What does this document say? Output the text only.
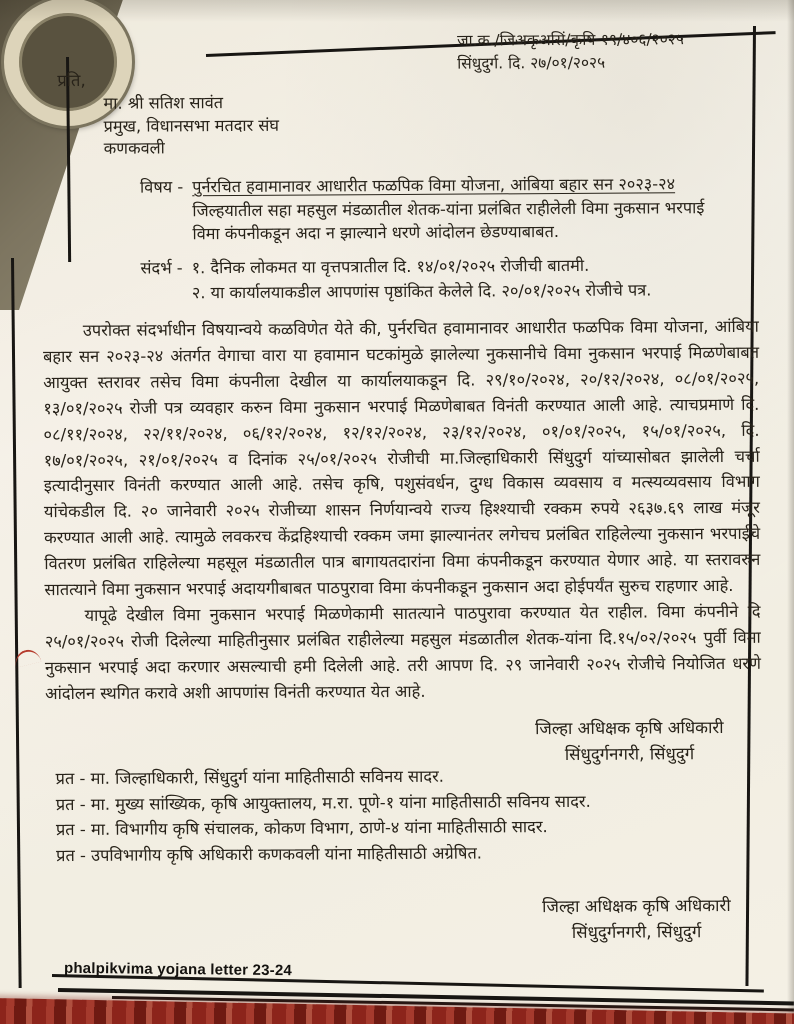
जा.क्र./जिअकृअसिं/कृषि-१९/४०६/२०२५
सिंधुदुर्ग. दि. २७/०१/२०२५
प्रति,
मा. श्री सतिश सावंत
प्रमुख, विधानसभा मतदार संघ
कणकवली
विषय - पुर्नरचित हवामानावर आधारीत फळपिक विमा योजना, आंबिया बहार सन २०२३-२४
जिल्हयातील सहा महसुल मंडळातील शेतक-यांना प्रलंबित राहीलेली विमा नुकसान भरपाई
विमा कंपनीकडून अदा न झाल्याने धरणे आंदोलन छेडण्याबाबत.
संदर्भ - १. दैनिक लोकमत या वृत्तपत्रातील दि. १४/०१/२०२५ रोजीची बातमी.
२. या कार्यालयाकडील आपणांस पृष्ठांकित केलेले दि. २०/०१/२०२५ रोजीचे पत्र.

उपरोक्त संदर्भाधीन विषयान्वये कळविणेत येते की, पुर्नरचित हवामानावर आधारीत फळपिक विमा योजना, आंबिया बहार सन २०२३-२४ अंतर्गत वेगाचा वारा या हवामान घटकांमुळे झालेल्या नुकसानीचे विमा नुकसान भरपाई मिळणेबाबत आयुक्त स्तरावर तसेच विमा कंपनीला देखील या कार्यालयाकडून दि. २९/१०/२०२४, २०/१२/२०२४, ०८/०१/२०२५, १३/०१/२०२५ रोजी पत्र व्यवहार करुन विमा नुकसान भरपाई मिळणेबाबत विनंती करण्यात आली आहे. त्याचप्रमाणे दि. ०८/११/२०२४, २२/११/२०२४, ०६/१२/२०२४, १२/१२/२०२४, २३/१२/२०२४, ०१/०१/२०२५, १५/०१/२०२५, दि. १७/०१/२०२५, २१/०१/२०२५ व दिनांक २५/०१/२०२५ रोजीची मा.जिल्हाधिकारी सिंधुदुर्ग यांच्यासोबत झालेली चर्चा इत्यादीनुसार विनंती करण्यात आली आहे. तसेच कृषि, पशुसंवर्धन, दुग्ध विकास व्यवसाय व मत्स्यव्यवसाय विभाग यांचेकडील दि. २० जानेवारी २०२५ रोजीच्या शासन निर्णयान्वये राज्य हिश्श्याची रक्कम रुपये २६३७.६९ लाख मंजूर करण्यात आली आहे. त्यामुळे लवकरच केंद्रहिश्याची रक्कम जमा झाल्यानंतर लगेचच प्रलंबित राहिलेल्या नुकसान भरपाईचे वितरण प्रलंबित राहिलेल्या महसूल मंडळातील पात्र बागायतदारांना विमा कंपनीकडून करण्यात येणार आहे. या स्तरावरुन सातत्याने विमा नुकसान भरपाई अदायगीबाबत पाठपुरावा विमा कंपनीकडून नुकसान अदा होईपर्यंत सुरुच राहणार आहे.

यापूढे देखील विमा नुकसान भरपाई मिळणेकामी सातत्याने पाठपुरावा करण्यात येत राहील. विमा कंपनीने दि २५/०१/२०२५ रोजी दिलेल्या माहितीनुसार प्रलंबित राहीलेल्या महसुल मंडळातील शेतक-यांना दि.१५/०२/२०२५ पुर्वी विमा नुकसान भरपाई अदा करणार असल्याची हमी दिलेली आहे. तरी आपण दि. २९ जानेवारी २०२५ रोजीचे नियोजित धरणे आंदोलन स्थगित करावे अशी आपणांस विनंती करण्यात येत आहे.

जिल्हा अधिक्षक कृषि अधिकारी
सिंधुदुर्गनगरी, सिंधुदुर्ग
प्रत - मा. जिल्हाधिकारी, सिंधुदुर्ग यांना माहितीसाठी सविनय सादर.
प्रत - मा. मुख्य सांख्यिक, कृषि आयुक्तालय, म.रा. पूणे-१ यांना माहितीसाठी सविनय सादर.
प्रत - मा. विभागीय कृषि संचालक, कोकण विभाग, ठाणे-४ यांना माहितीसाठी सादर.
प्रत - उपविभागीय कृषि अधिकारी कणकवली यांना माहितीसाठी अग्रेषित.
जिल्हा अधिक्षक कृषि अधिकारी
सिंधुदुर्गनगरी, सिंधुदुर्ग
phalpikvima yojana letter 23-24
